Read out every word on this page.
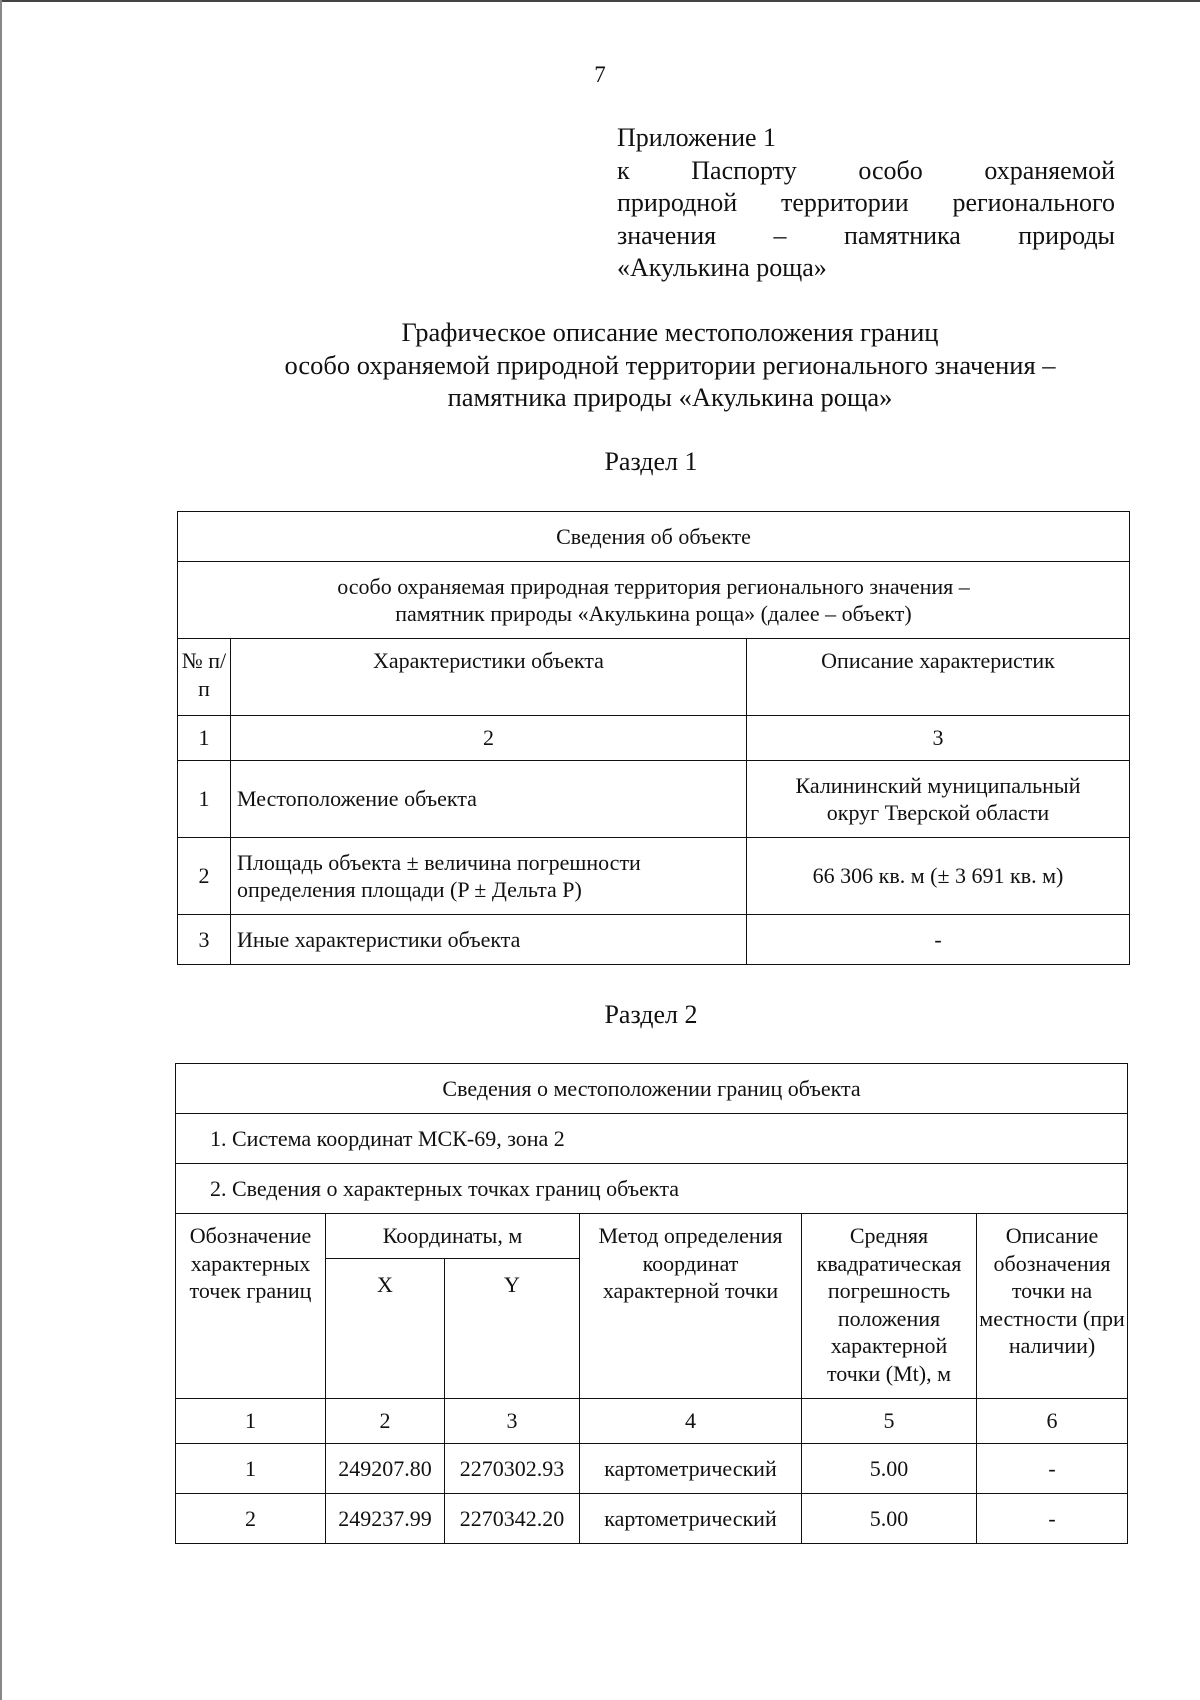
7
Приложение 1
к Паспорту особо охраняемой
природной территории регионального
значения – памятника природы
«Акулькина роща»
Графическое описание местоположения границ
особо охраняемой природной территории регионального значения –
памятника природы «Акулькина роща»
Раздел 1
Сведения об объекте		

особо охраняемая природная территория регионального значения –
памятник природы «Акулькина роща» (далее – объект)		

№ п/п	Характеристики объекта	Описание характеристик
1	2	3
1	Местоположение объекта	Калининский муниципальный округ Тверской области
2	Площадь объекта ± величина погрешности определения площади (P ± Дельта P)	66 306 кв. м (± 3 691 кв. м)
3	Иные характеристики объекта	-
Раздел 2
Сведения о местоположении границ объекта					
1. Система координат МСК-69, зона 2					
2. Сведения о характерных точках границ объекта					
Обозначение характерных точек границ	Координаты, м		Метод определения координат характерной точки	Средняя квадратическая погрешность положения характерной точки (Mt), м	Описание обозначения точки на местности (при наличии)
	X	Y			
1	2	3	4	5	6
1	249207.80	2270302.93	картометрический	5.00	-
2	249237.99	2270342.20	картометрический	5.00	-
